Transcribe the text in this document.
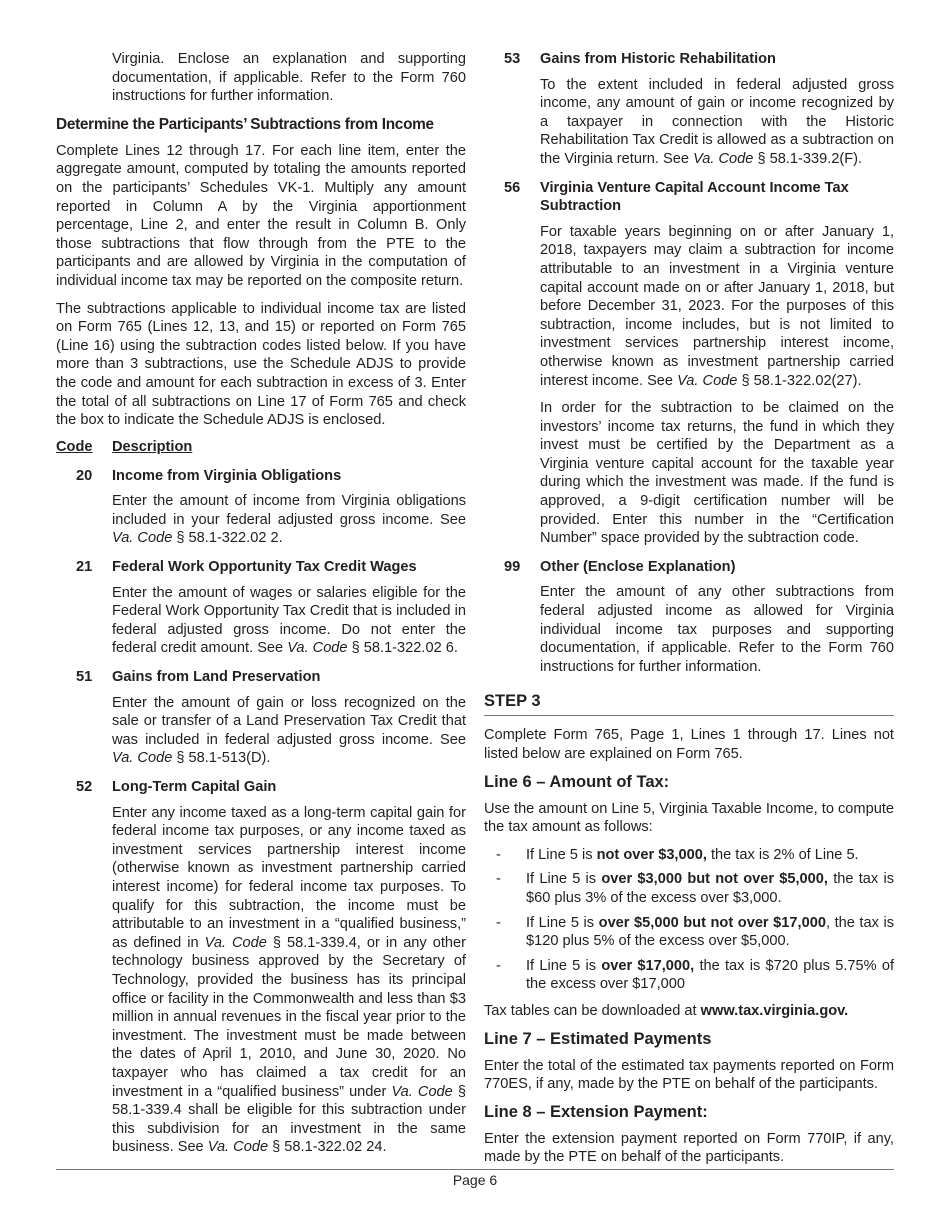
Virginia. Enclose an explanation and supporting documentation, if applicable. Refer to the Form 760 instructions for further information.

Determine the Participants’ Subtractions from Income

Complete Lines 12 through 17. For each line item, enter the aggregate amount, computed by totaling the amounts reported on the participants’ Schedules VK-1. Multiply any amount reported in Column A by the Virginia apportionment percentage, Line 2, and enter the result in Column B. Only those subtractions that flow through from the PTE to the participants and are allowed by Virginia in the computation of individual income tax may be reported on the composite return.

The subtractions applicable to individual income tax are listed on Form 765 (Lines 12, 13, and 15) or reported on Form 765 (Line 16) using the subtraction codes listed below. If you have more than 3 subtractions, use the Schedule ADJS to provide the code and amount for each subtraction in excess of 3. Enter the total of all subtractions on Line 17 of Form 765 and check the box to indicate the Schedule ADJS is enclosed.

Code	Description
20	Income from Virginia Obligations

Enter the amount of income from Virginia obligations included in your federal adjusted gross income. See Va. Code § 58.1-322.02 2.

21	Federal Work Opportunity Tax Credit Wages

Enter the amount of wages or salaries eligible for the Federal Work Opportunity Tax Credit that is included in federal adjusted gross income. Do not enter the federal credit amount. See Va. Code § 58.1-322.02 6.

51	Gains from Land Preservation

Enter the amount of gain or loss recognized on the sale or transfer of a Land Preservation Tax Credit that was included in federal adjusted gross income. See Va. Code § 58.1-513(D).

52	Long-Term Capital Gain

Enter any income taxed as a long-term capital gain for federal income tax purposes, or any income taxed as investment services partnership interest income (otherwise known as investment partnership carried interest income) for federal income tax purposes. To qualify for this subtraction, the income must be attributable to an investment in a “qualified business,” as defined in Va. Code § 58.1-339.4, or in any other technology business approved by the Secretary of Technology, provided the business has its principal office or facility in the Commonwealth and less than $3 million in annual revenues in the fiscal year prior to the investment. The investment must be made between the dates of April 1, 2010, and June 30, 2020. No taxpayer who has claimed a tax credit for an investment in a “qualified business” under Va. Code § 58.1-339.4 shall be eligible for this subtraction under this subdivision for an investment in the same business. See Va. Code § 58.1-322.02 24.

53	Gains from Historic Rehabilitation

To the extent included in federal adjusted gross income, any amount of gain or income recognized by a taxpayer in connection with the Historic Rehabilitation Tax Credit is allowed as a subtraction on the Virginia return. See Va. Code § 58.1-339.2(F).

56	Virginia Venture Capital Account Income Tax Subtraction

For taxable years beginning on or after January 1, 2018, taxpayers may claim a subtraction for income attributable to an investment in a Virginia venture capital account made on or after January 1, 2018, but before December 31, 2023. For the purposes of this subtraction, income includes, but is not limited to investment services partnership interest income, otherwise known as investment partnership carried interest income. See Va. Code § 58.1-322.02(27).

In order for the subtraction to be claimed on the investors’ income tax returns, the fund in which they invest must be certified by the Department as a Virginia venture capital account for the taxable year during which the investment was made. If the fund is approved, a 9-digit certification number will be provided. Enter this number in the “Certification Number” space provided by the subtraction code.

99	Other (Enclose Explanation)

Enter the amount of any other subtractions from federal adjusted income as allowed for Virginia individual income tax purposes and supporting documentation, if applicable. Refer to the Form 760 instructions for further information.

STEP 3

Complete Form 765, Page 1, Lines 1 through 17. Lines not listed below are explained on Form 765.

Line 6 – Amount of Tax:

Use the amount on Line 5, Virginia Taxable Income, to compute the tax amount as follows:

-	If Line 5 is not over $3,000, the tax is 2% of Line 5.
-	If Line 5 is over $3,000 but not over $5,000, the tax is $60 plus 3% of the excess over $3,000.
-	If Line 5 is over $5,000 but not over $17,000, the tax is $120 plus 5% of the excess over $5,000.
-	If Line 5 is over $17,000, the tax is $720 plus 5.75% of the excess over $17,000

Tax tables can be downloaded at www.tax.virginia.gov.

Line 7 – Estimated Payments

Enter the total of the estimated tax payments reported on Form 770ES, if any, made by the PTE on behalf of the participants.

Line 8 – Extension Payment:

Enter the extension payment reported on Form 770IP, if any, made by the PTE on behalf of the participants.

Page 6
